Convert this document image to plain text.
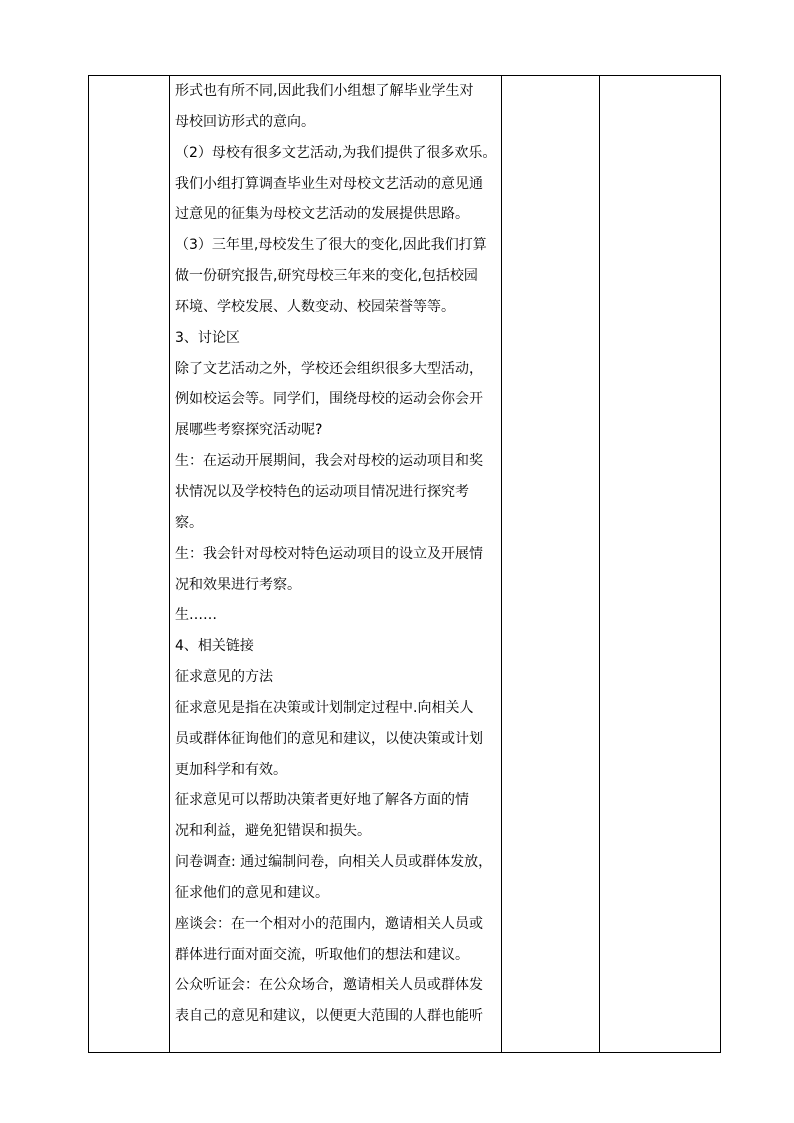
形式也有所不同,因此我们小组想了解毕业学生对
母校回访形式的意向。
（2）母校有很多文艺活动,为我们提供了很多欢乐。
我们小组打算调查毕业生对母校文艺活动的意见通
过意见的征集为母校文艺活动的发展提供思路。
（3）三年里,母校发生了很大的变化,因此我们打算
做一份研究报告,研究母校三年来的变化,包括校园
环境、学校发展、人数变动、校园荣誉等等。
3、讨论区
除了文艺活动之外，学校还会组织很多大型活动，
例如校运会等。同学们，围绕母校的运动会你会开
展哪些考察探究活动呢?
生：在运动开展期间，我会对母校的运动项目和奖
状情况以及学校特色的运动项目情况进行探究考
察。
生：我会针对母校对特色运动项目的设立及开展情
况和效果进行考察。
生……
4、相关链接
征求意见的方法
征求意见是指在决策或计划制定过程中.向相关人
员或群体征询他们的意见和建议，以使决策或计划
更加科学和有效。
征求意见可以帮助决策者更好地了解各方面的情
况和利益，避免犯错误和损失。
问卷调查: 通过编制问卷，向相关人员或群体发放，
征求他们的意见和建议。
座谈会：在一个相对小的范围内，邀请相关人员或
群体进行面对面交流，听取他们的想法和建议。
公众听证会：在公众场合，邀请相关人员或群体发
表自己的意见和建议，以便更大范围的人群也能听
